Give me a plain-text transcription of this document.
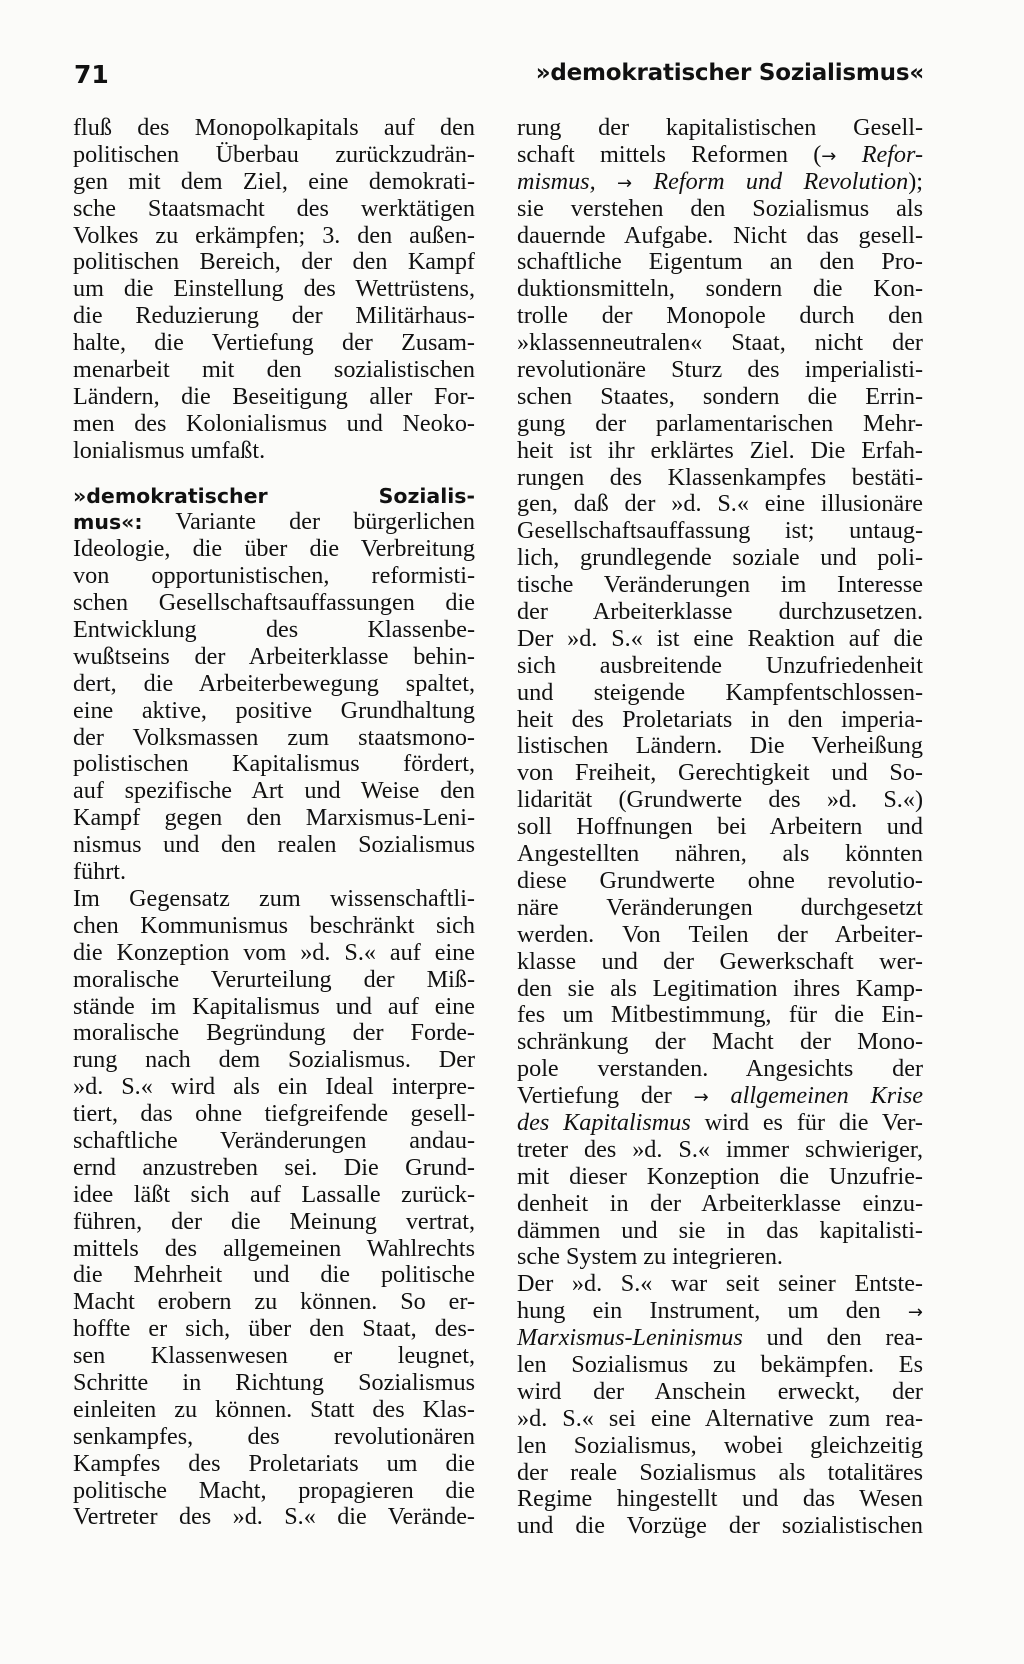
71	»demokratischer Sozialismus«
fluß des Monopolkapitals auf den
politischen Überbau zurückzudrän-
gen mit dem Ziel, eine demokrati-
sche Staatsmacht des werktätigen
Volkes zu erkämpfen; 3. den außen-
politischen Bereich, der den Kampf
um die Einstellung des Wettrüstens,
die Reduzierung der Militärhaus-
halte, die Vertiefung der Zusam-
menarbeit mit den sozialistischen
Ländern, die Beseitigung aller For-
men des Kolonialismus und Neoko-
lonialismus umfaßt.
»demokratischer	Sozialis-
mus«: Variante der bürgerlichen
Ideologie, die über die Verbreitung
von opportunistischen, reformisti-
schen Gesellschaftsauffassungen die
Entwicklung des Klassenbe-
wußtseins der Arbeiterklasse behin-
dert, die Arbeiterbewegung spaltet,
eine aktive, positive Grundhaltung
der Volksmassen zum staatsmono-
polistischen Kapitalismus fördert,
auf spezifische Art und Weise den
Kampf gegen den Marxismus-Leni-
nismus und den realen Sozialismus
führt.
Im Gegensatz zum wissenschaftli-
chen Kommunismus beschränkt sich
die Konzeption vom »d. S.« auf eine
moralische Verurteilung der Miß-
stände im Kapitalismus und auf eine
moralische Begründung der Forde-
rung nach dem Sozialismus. Der
»d. S.« wird als ein Ideal interpre-
tiert, das ohne tiefgreifende gesell-
schaftliche Veränderungen andau-
ernd anzustreben sei. Die Grund-
idee läßt sich auf Lassalle zurück-
führen, der die Meinung vertrat,
mittels des allgemeinen Wahlrechts
die Mehrheit und die politische
Macht erobern zu können. So er-
hoffte er sich, über den Staat, des-
sen Klassenwesen er leugnet,
Schritte in Richtung Sozialismus
einleiten zu können. Statt des Klas-
senkampfes, des revolutionären
Kampfes des Proletariats um die
politische Macht, propagieren die
Vertreter des »d. S.« die Verände-
rung der kapitalistischen Gesell-
schaft mittels Reformen (→ Refor-
mismus, → Reform und Revolution);
sie verstehen den Sozialismus als
dauernde Aufgabe. Nicht das gesell-
schaftliche Eigentum an den Pro-
duktionsmitteln, sondern die Kon-
trolle der Monopole durch den
»klassenneutralen« Staat, nicht der
revolutionäre Sturz des imperialisti-
schen Staates, sondern die Errin-
gung der parlamentarischen Mehr-
heit ist ihr erklärtes Ziel. Die Erfah-
rungen des Klassenkampfes bestäti-
gen, daß der »d. S.« eine illusionäre
Gesellschaftsauffassung ist; untaug-
lich, grundlegende soziale und poli-
tische Veränderungen im Interesse
der Arbeiterklasse durchzusetzen.
Der »d. S.« ist eine Reaktion auf die
sich ausbreitende Unzufriedenheit
und steigende Kampfentschlossen-
heit des Proletariats in den imperia-
listischen Ländern. Die Verheißung
von Freiheit, Gerechtigkeit und So-
lidarität (Grundwerte des »d. S.«)
soll Hoffnungen bei Arbeitern und
Angestellten nähren, als könnten
diese Grundwerte ohne revolutio-
näre Veränderungen durchgesetzt
werden. Von Teilen der Arbeiter-
klasse und der Gewerkschaft wer-
den sie als Legitimation ihres Kamp-
fes um Mitbestimmung, für die Ein-
schränkung der Macht der Mono-
pole verstanden. Angesichts der
Vertiefung der → allgemeinen Krise
des Kapitalismus wird es für die Ver-
treter des »d. S.« immer schwieriger,
mit dieser Konzeption die Unzufrie-
denheit in der Arbeiterklasse einzu-
dämmen und sie in das kapitalisti-
sche System zu integrieren.
Der »d. S.« war seit seiner Entste-
hung ein Instrument, um den →
Marxismus-Leninismus und den rea-
len Sozialismus zu bekämpfen. Es
wird der Anschein erweckt, der
»d. S.« sei eine Alternative zum rea-
len Sozialismus, wobei gleichzeitig
der reale Sozialismus als totalitäres
Regime hingestellt und das Wesen
und die Vorzüge der sozialistischen
